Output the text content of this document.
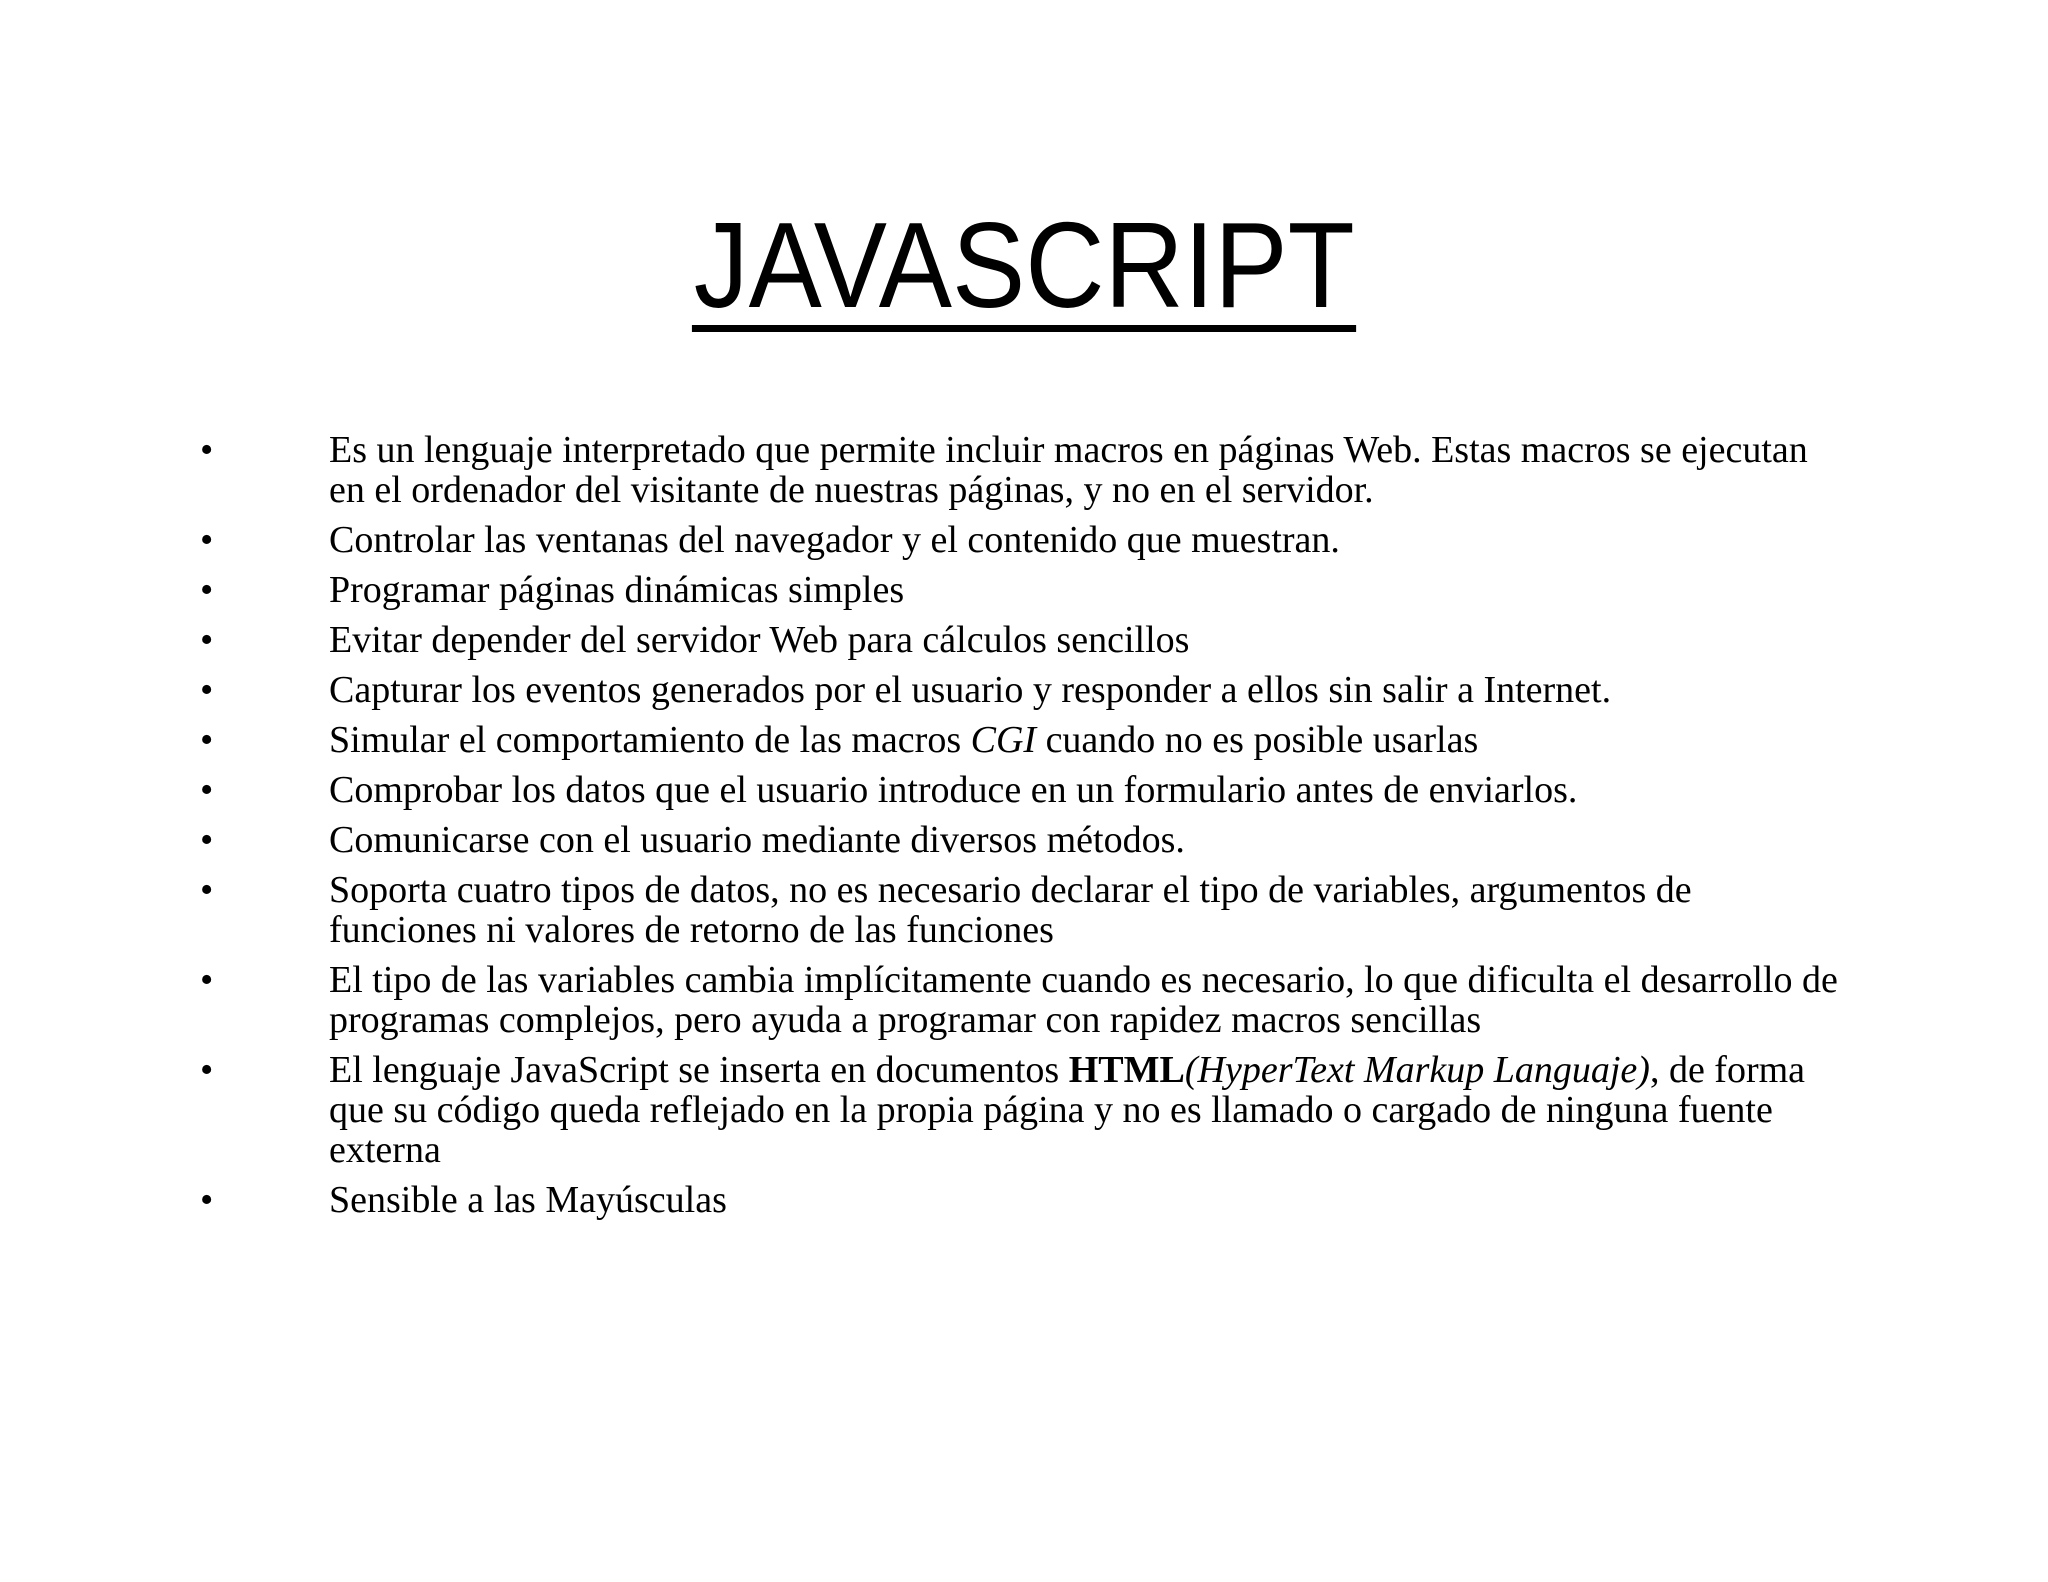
JAVASCRIPT
•	Es un lenguaje interpretado que permite incluir macros en páginas Web. Estas macros se ejecutan en el ordenador del visitante de nuestras páginas, y no en el servidor.
•	Controlar las ventanas del navegador y el contenido que muestran.
•	Programar páginas dinámicas simples
•	Evitar depender del servidor Web para cálculos sencillos
•	Capturar los eventos generados por el usuario y responder a ellos sin salir a Internet.
•	Simular el comportamiento de las macros CGI cuando no es posible usarlas
•	Comprobar los datos que el usuario introduce en un formulario antes de enviarlos.
•	Comunicarse con el usuario mediante diversos métodos.
•	Soporta cuatro tipos de datos, no es necesario declarar el tipo de variables, argumentos de funciones ni valores de retorno de las funciones
•	El tipo de las variables cambia implícitamente cuando es necesario, lo que dificulta el desarrollo de programas complejos, pero ayuda a programar con rapidez macros sencillas
•	El lenguaje JavaScript se inserta en documentos HTML(HyperText Markup Languaje), de forma que su código queda reflejado en la propia página y no es llamado o cargado de ninguna fuente externa
•	Sensible a las Mayúsculas
